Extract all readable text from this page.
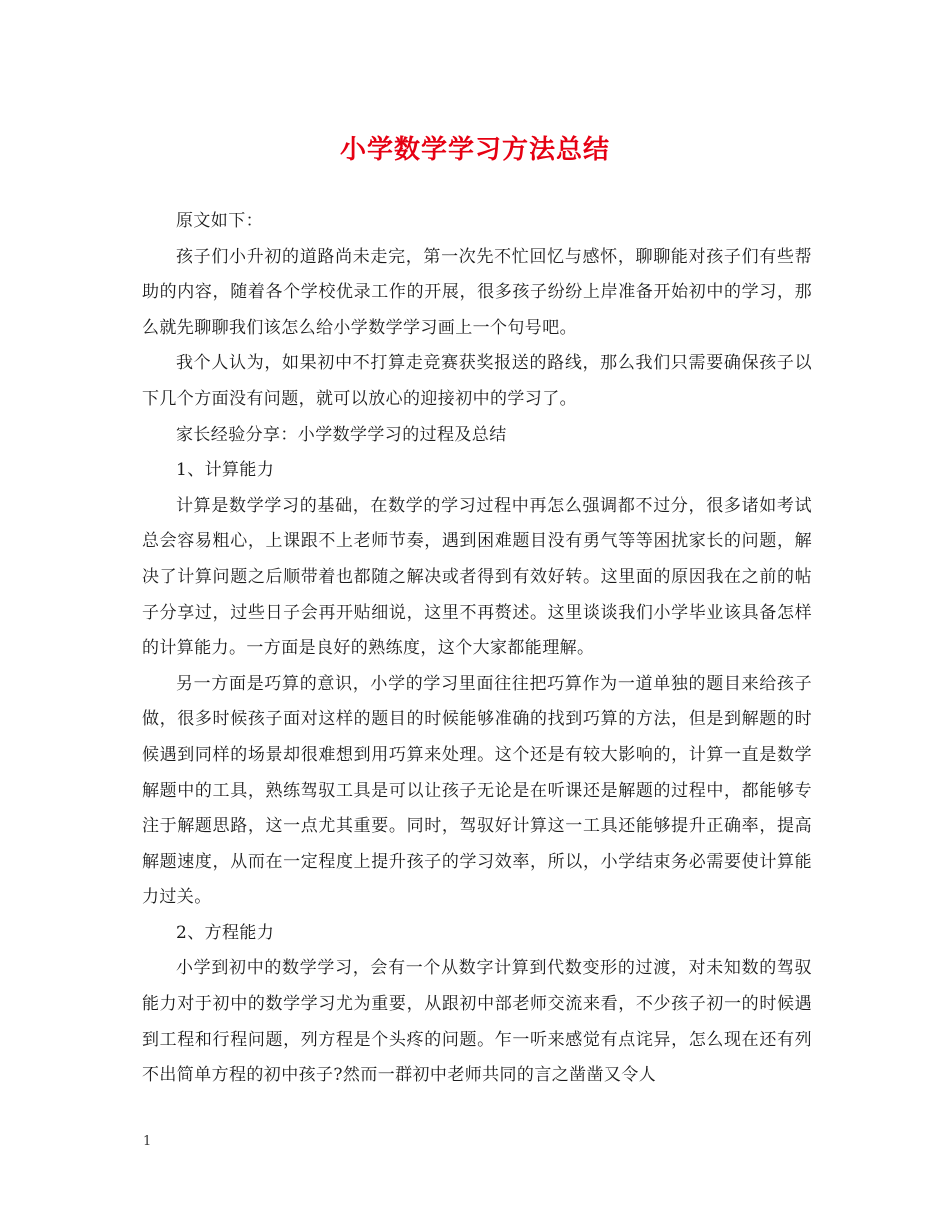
小学数学学习方法总结

原文如下：

孩子们小升初的道路尚未走完，第一次先不忙回忆与感怀，聊聊能对孩子们有些帮助的内容，随着各个学校优录工作的开展，很多孩子纷纷上岸准备开始初中的学习，那么就先聊聊我们该怎么给小学数学学习画上一个句号吧。

我个人认为，如果初中不打算走竞赛获奖报送的路线，那么我们只需要确保孩子以下几个方面没有问题，就可以放心的迎接初中的学习了。

家长经验分享：小学数学学习的过程及总结

1、计算能力

计算是数学学习的基础，在数学的学习过程中再怎么强调都不过分，很多诸如考试总会容易粗心，上课跟不上老师节奏，遇到困难题目没有勇气等等困扰家长的问题，解决了计算问题之后顺带着也都随之解决或者得到有效好转。这里面的原因我在之前的帖子分享过，过些日子会再开贴细说，这里不再赘述。这里谈谈我们小学毕业该具备怎样的计算能力。一方面是良好的熟练度，这个大家都能理解。

另一方面是巧算的意识，小学的学习里面往往把巧算作为一道单独的题目来给孩子做，很多时候孩子面对这样的题目的时候能够准确的找到巧算的方法，但是到解题的时候遇到同样的场景却很难想到用巧算来处理。这个还是有较大影响的，计算一直是数学解题中的工具，熟练驾驭工具是可以让孩子无论是在听课还是解题的过程中，都能够专注于解题思路，这一点尤其重要。同时，驾驭好计算这一工具还能够提升正确率，提高解题速度，从而在一定程度上提升孩子的学习效率，所以，小学结束务必需要使计算能力过关。

2、方程能力

小学到初中的数学学习，会有一个从数字计算到代数变形的过渡，对未知数的驾驭能力对于初中的数学学习尤为重要，从跟初中部老师交流来看，不少孩子初一的时候遇到工程和行程问题，列方程是个头疼的问题。乍一听来感觉有点诧异，怎么现在还有列不出简单方程的初中孩子?然而一群初中老师共同的言之凿凿又令人

1
